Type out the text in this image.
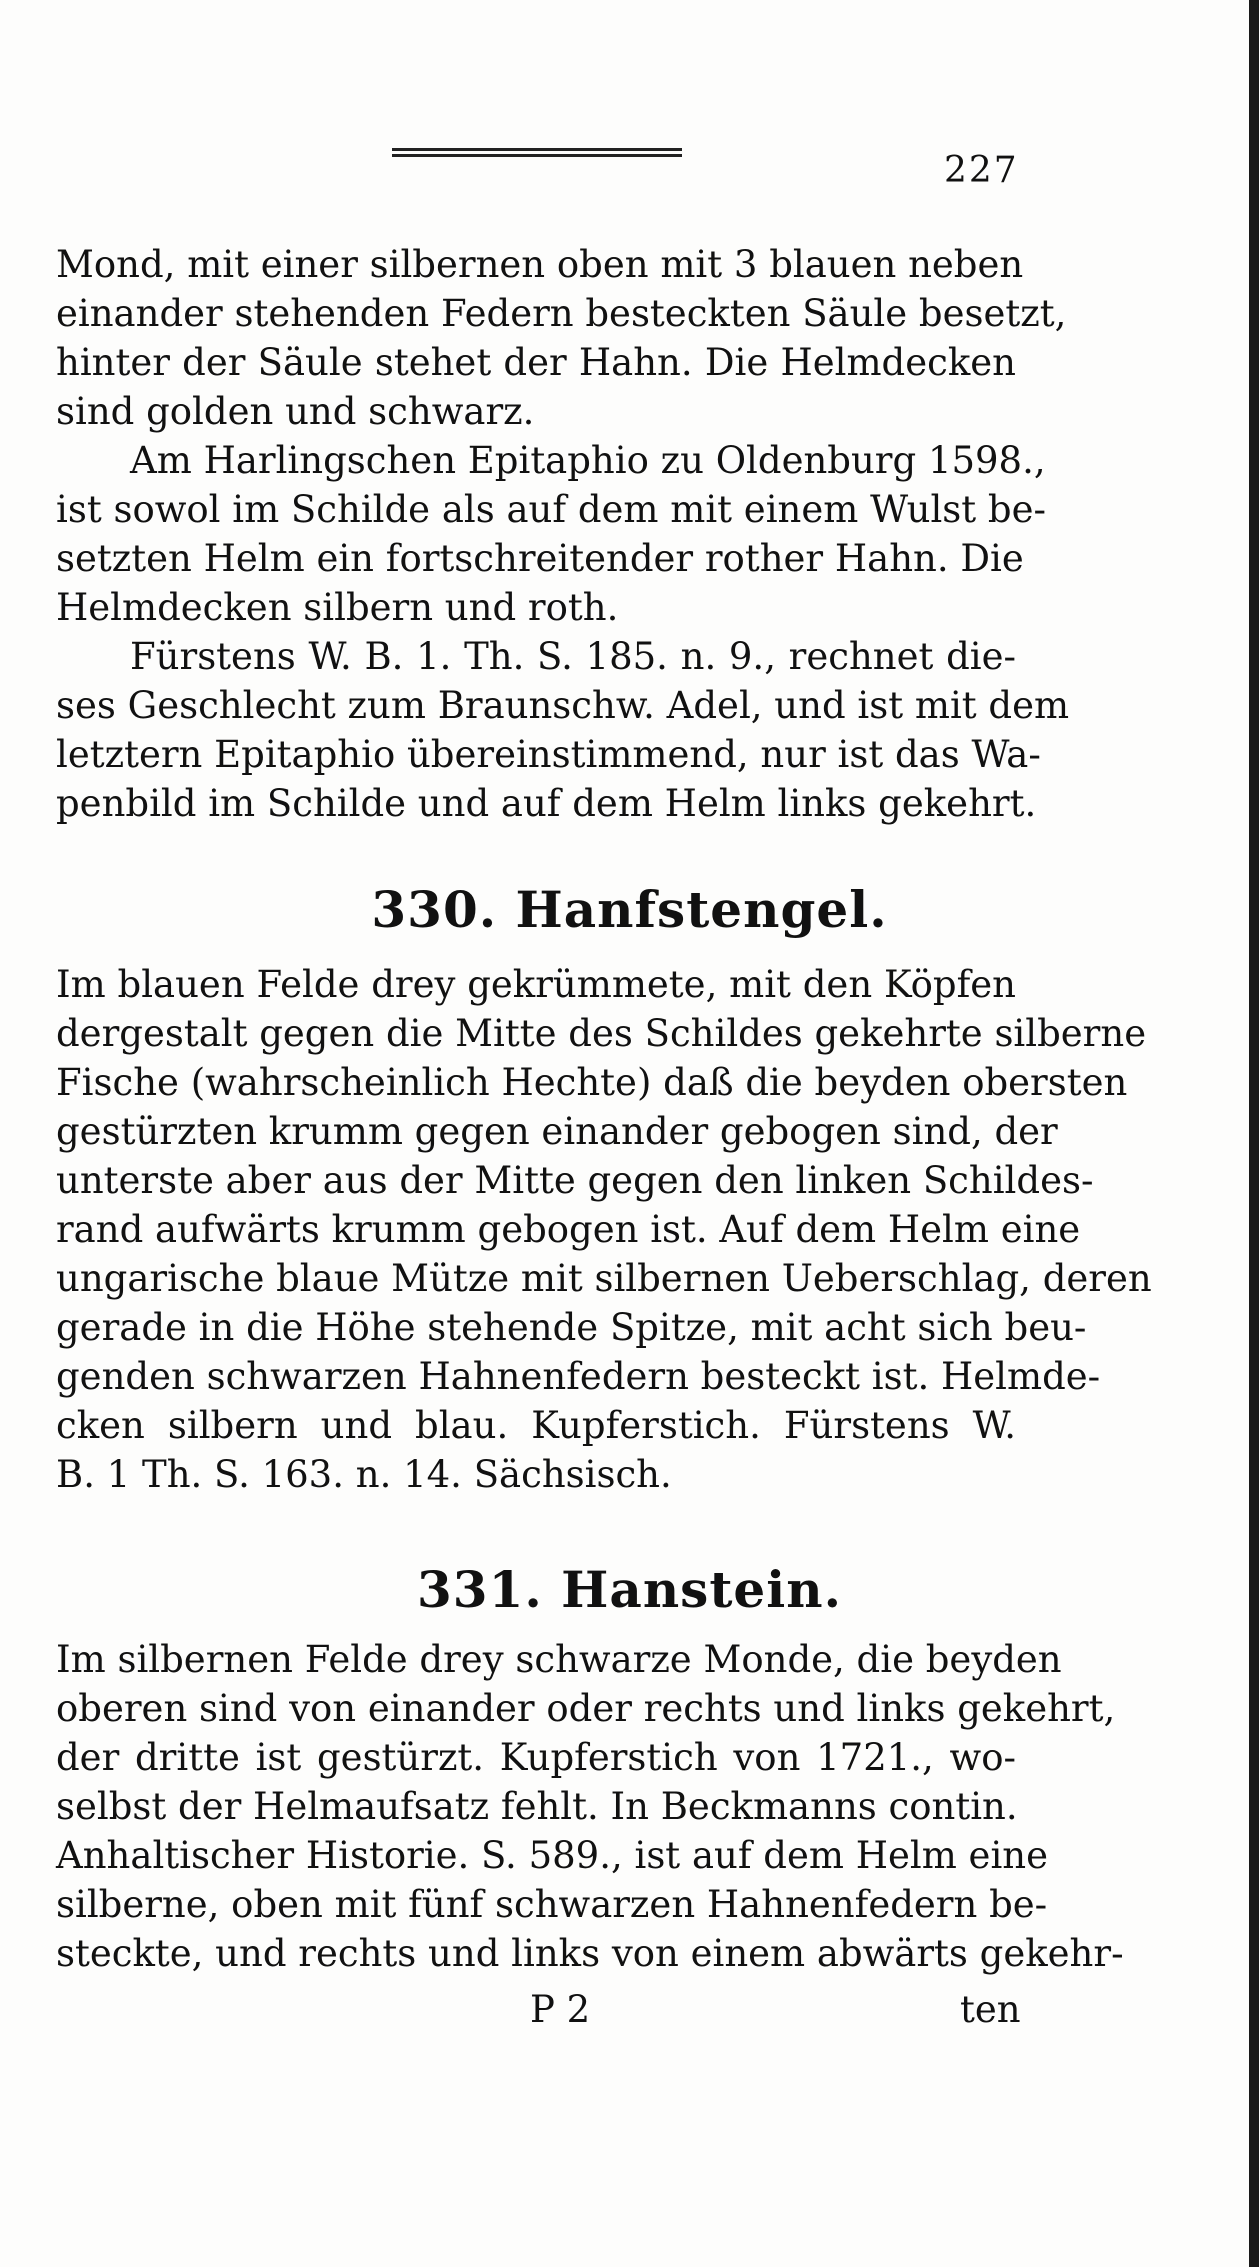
227
Mond, mit einer silbernen oben mit 3 blauen neben
einander stehenden Federn besteckten Säule besetzt,
hinter der Säule stehet der Hahn. Die Helmdecken
sind golden und schwarz.
Am Harlingschen Epitaphio zu Oldenburg 1598.,
ist sowol im Schilde als auf dem mit einem Wulst be-
setzten Helm ein fortschreitender rother Hahn. Die
Helmdecken silbern und roth.
Fürstens W. B. 1. Th. S. 185. n. 9., rechnet die-
ses Geschlecht zum Braunschw. Adel, und ist mit dem
letztern Epitaphio übereinstimmend, nur ist das Wa-
penbild im Schilde und auf dem Helm links gekehrt.
330. Hanfstengel.
Im blauen Felde drey gekrümmete, mit den Köpfen
dergestalt gegen die Mitte des Schildes gekehrte silberne
Fische (wahrscheinlich Hechte) daß die beyden obersten
gestürzten krumm gegen einander gebogen sind, der
unterste aber aus der Mitte gegen den linken Schildes-
rand aufwärts krumm gebogen ist. Auf dem Helm eine
ungarische blaue Mütze mit silbernen Ueberschlag, deren
gerade in die Höhe stehende Spitze, mit acht sich beu-
genden schwarzen Hahnenfedern besteckt ist. Helmde-
cken silbern und blau. Kupferstich. Fürstens W.
B. 1 Th. S. 163. n. 14. Sächsisch.
331. Hanstein.
Im silbernen Felde drey schwarze Monde, die beyden
oberen sind von einander oder rechts und links gekehrt,
der dritte ist gestürzt. Kupferstich von 1721., wo-
selbst der Helmaufsatz fehlt. In Beckmanns contin.
Anhaltischer Historie. S. 589., ist auf dem Helm eine
silberne, oben mit fünf schwarzen Hahnenfedern be-
steckte, und rechts und links von einem abwärts gekehr-
P 2	ten
